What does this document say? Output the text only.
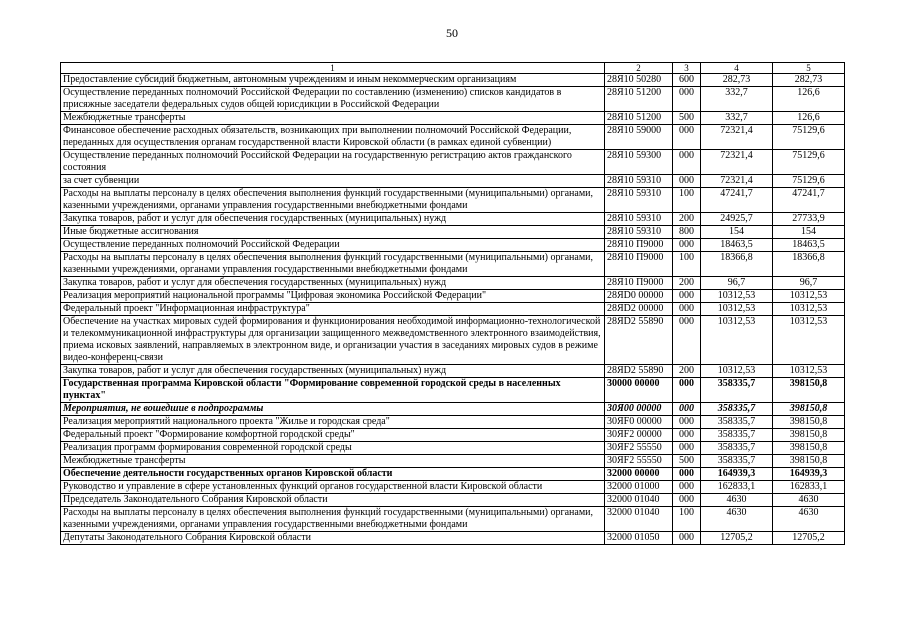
50
1	2	3	4	5
Предоставление субсидий бюджетным, автономным учреждениям и иным некоммерческим организациям	28Я10 50280	600	282,73	282,73
Осуществление переданных полномочий Российской Федерации по составлению (изменению) списков кандидатов в присяжные заседатели федеральных судов общей юрисдикции в Российской Федерации	28Я10 51200	000	332,7	126,6
Межбюджетные трансферты	28Я10 51200	500	332,7	126,6
Финансовое обеспечение расходных обязательств, возникающих при выполнении полномочий Российской Федерации, переданных для осуществления органам государственной власти Кировской области (в рамках единой субвенции)	28Я10 59000	000	72321,4	75129,6
Осуществление переданных полномочий Российской Федерации на государственную регистрацию актов гражданского состояния	28Я10 59300	000	72321,4	75129,6
за счет субвенции	28Я10 59310	000	72321,4	75129,6
Расходы на выплаты персоналу в целях обеспечения выполнения функций государственными (муниципальными) органами, казенными учреждениями, органами управления государственными внебюджетными фондами	28Я10 59310	100	47241,7	47241,7
Закупка товаров, работ и услуг для обеспечения государственных (муниципальных) нужд	28Я10 59310	200	24925,7	27733,9
Иные бюджетные ассигнования	28Я10 59310	800	154	154
Осуществление переданных полномочий Российской Федерации	28Я10 П9000	000	18463,5	18463,5
Расходы на выплаты персоналу в целях обеспечения выполнения функций государственными (муниципальными) органами, казенными учреждениями, органами управления государственными внебюджетными фондами	28Я10 П9000	100	18366,8	18366,8
Закупка товаров, работ и услуг для обеспечения государственных (муниципальных) нужд	28Я10 П9000	200	96,7	96,7
Реализация мероприятий национальной программы "Цифровая экономика Российской Федерации"	28ЯD0 00000	000	10312,53	10312,53
Федеральный проект "Информационная инфраструктура"	28ЯD2 00000	000	10312,53	10312,53
Обеспечение на участках мировых судей формирования и функционирования необходимой информационно-технологической и телекоммуникационной инфраструктуры для организации защищенного межведомственного электронного взаимодействия, приема исковых заявлений, направляемых в электронном виде, и организации участия в заседаниях мировых судов в режиме видео-конференц-связи	28ЯD2 55890	000	10312,53	10312,53
Закупка товаров, работ и услуг для обеспечения государственных (муниципальных) нужд	28ЯD2 55890	200	10312,53	10312,53
Государственная программа Кировской области "Формирование современной городской среды в населенных пунктах"	30000 00000	000	358335,7	398150,8
Мероприятия, не вошедшие в подпрограммы	30Я00 00000	000	358335,7	398150,8
Реализация мероприятий национального проекта "Жилье и городская среда"	30ЯF0 00000	000	358335,7	398150,8
Федеральный проект "Формирование комфортной городской среды"	30ЯF2 00000	000	358335,7	398150,8
Реализация программ формирования современной городской среды	30ЯF2 55550	000	358335,7	398150,8
Межбюджетные трансферты	30ЯF2 55550	500	358335,7	398150,8
Обеспечение деятельности государственных органов Кировской области	32000 00000	000	164939,3	164939,3
Руководство и управление в сфере установленных функций органов государственной власти Кировской области	32000 01000	000	162833,1	162833,1
Председатель Законодательного Собрания Кировской области	32000 01040	000	4630	4630
Расходы на выплаты персоналу в целях обеспечения выполнения функций государственными (муниципальными) органами, казенными учреждениями, органами управления государственными внебюджетными фондами	32000 01040	100	4630	4630
Депутаты Законодательного Собрания Кировской области	32000 01050	000	12705,2	12705,2
